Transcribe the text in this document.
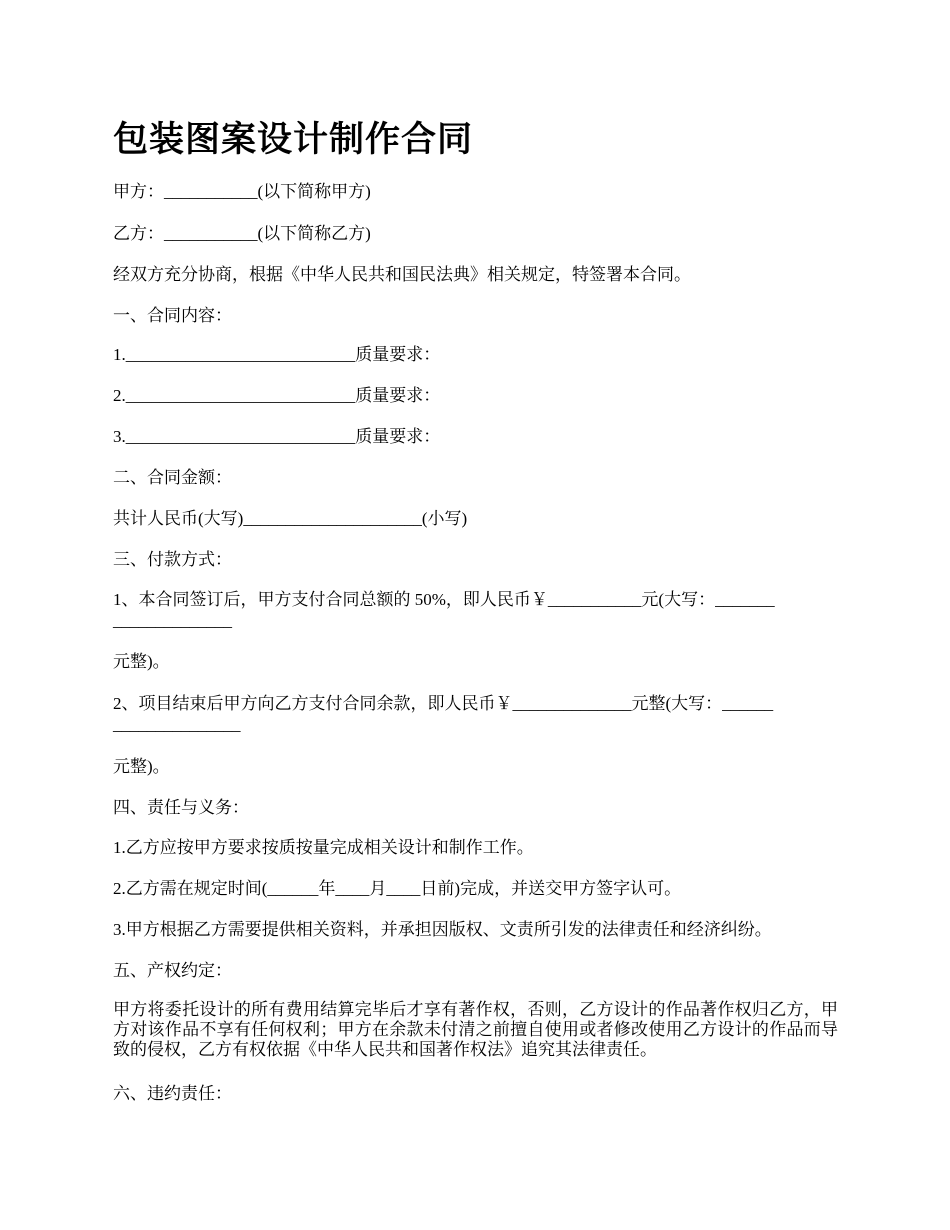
包装图案设计制作合同
甲方：___________(以下简称甲方)
乙方：___________(以下简称乙方)
经双方充分协商，根据《中华人民共和国民法典》相关规定，特签署本合同。
一、合同内容：
1.___________________________质量要求：
2.___________________________质量要求：
3.___________________________质量要求：
二、合同金额：
共计人民币(大写)_____________________(小写)
三、付款方式：
1、本合同签订后，甲方支付合同总额的 50%，即人民币￥___________元(大写：_______
______________
元整)。
2、项目结束后甲方向乙方支付合同余款，即人民币￥______________元整(大写：______
_______________
元整)。
四、责任与义务：
1.乙方应按甲方要求按质按量完成相关设计和制作工作。
2.乙方需在规定时间(______年____月____日前)完成，并送交甲方签字认可。
3.甲方根据乙方需要提供相关资料，并承担因版权、文责所引发的法律责任和经济纠纷。
五、产权约定：
甲方将委托设计的所有费用结算完毕后才享有著作权，否则，乙方设计的作品著作权归乙方，甲方对该作品不享有任何权利；甲方在余款未付清之前擅自使用或者修改使用乙方设计的作品而导致的侵权，乙方有权依据《中华人民共和国著作权法》追究其法律责任。
六、违约责任：
